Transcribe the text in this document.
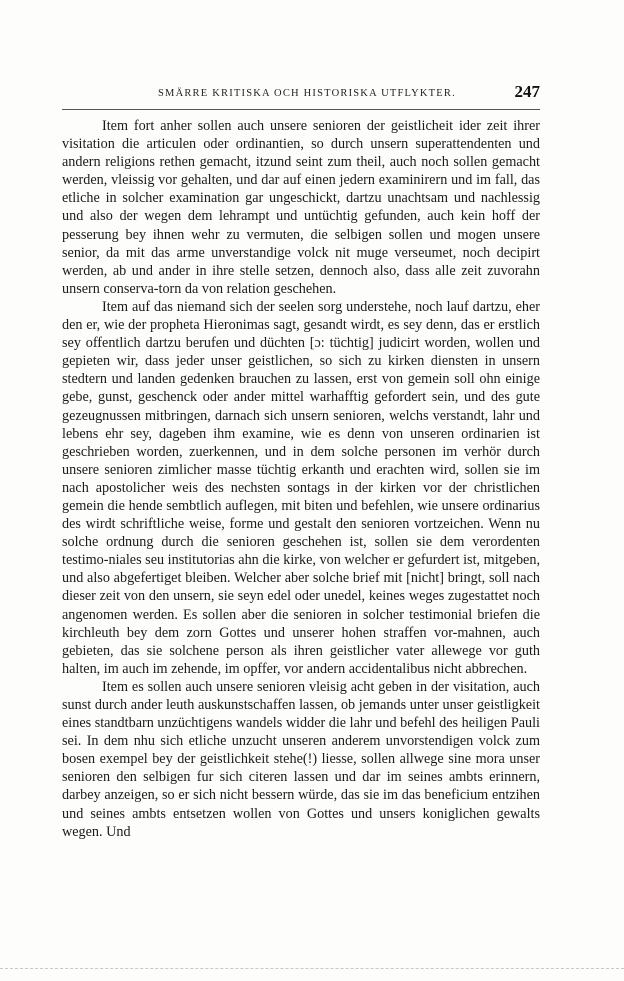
SMÄRRE KRITISKA OCH HISTORISKA UTFLYKTER.	247

Item fort anher sollen auch unsere senioren der geistlicheit ider zeit ihrer visitation die articulen oder ordinantien, so durch unsern superattendenten und andern religions rethen gemacht, itzund seint zum theil, auch noch sollen gemacht werden, vleissig vor gehalten, und dar auf einen jedern examinirern und im fall, das etliche in solcher examination gar ungeschickt, dartzu unachtsam und nachlessig und also der wegen dem lehrampt und untüchtig gefunden, auch kein hoff der pesserung bey ihnen wehr zu vermuten, die selbigen sollen und mogen unsere senior, da mit das arme unverstandige volck nit muge verseumet, noch decipirt werden, ab und ander in ihre stelle setzen, dennoch also, dass alle zeit zuvorahn unsern conserva-torn da von relation geschehen.

Item auf das niemand sich der seelen sorg understehe, noch lauf dartzu, eher den er, wie der propheta Hieronimas sagt, gesandt wirdt, es sey denn, das er erstlich sey offentlich dartzu berufen und düchten [ɔ: tüchtig] judicirt worden, wollen und gepieten wir, dass jeder unser geistlichen, so sich zu kirken diensten in unsern stedtern und landen gedenken brauchen zu lassen, erst von gemein soll ohn einige gebe, gunst, geschenck oder ander mittel warhafftig gefordert sein, und des gute gezeugnussen mitbringen, darnach sich unsern senioren, welchs verstandt, lahr und lebens ehr sey, dageben ihm examine, wie es denn von unseren ordinarien ist geschrieben worden, zuerkennen, und in dem solche personen im verhör durch unsere senioren zimlicher masse tüchtig erkanth und erachten wird, sollen sie im nach apostolicher weis des nechsten sontags in der kirken vor der christlichen gemein die hende sembtlich auflegen, mit biten und befehlen, wie unsere ordinarius des wirdt schriftliche weise, forme und gestalt den senioren vortzeichen. Wenn nu solche ordnung durch die senioren geschehen ist, sollen sie dem verordenten testimo-niales seu institutorias ahn die kirke, von welcher er gefurdert ist, mitgeben, und also abgefertiget bleiben. Welcher aber solche brief mit [nicht] bringt, soll nach dieser zeit von den unsern, sie seyn edel oder unedel, keines weges zugestattet noch angenomen werden. Es sollen aber die senioren in solcher testimonial briefen die kirchleuth bey dem zorn Gottes und unserer hohen straffen vor-mahnen, auch gebieten, das sie solchene person als ihren geistlicher vater allewege vor guth halten, im auch im zehende, im opffer, vor andern accidentalibus nicht abbrechen.

Item es sollen auch unsere senioren vleisig acht geben in der visitation, auch sunst durch ander leuth auskunstschaffen lassen, ob jemands unter unser geistligkeit eines standtbarn unzüchtigens wandels widder die lahr und befehl des heiligen Pauli sei. In dem nhu sich etliche unzucht unseren anderem unvorstendigen volck zum bosen exempel bey der geistlichkeit stehe(!) liesse, sollen allwege sine mora unser senioren den selbigen fur sich citeren lassen und dar im seines ambts erinnern, darbey anzeigen, so er sich nicht bessern würde, das sie im das beneficium entzihen und seines ambts entsetzen wollen von Gottes und unsers koniglichen gewalts wegen. Und
